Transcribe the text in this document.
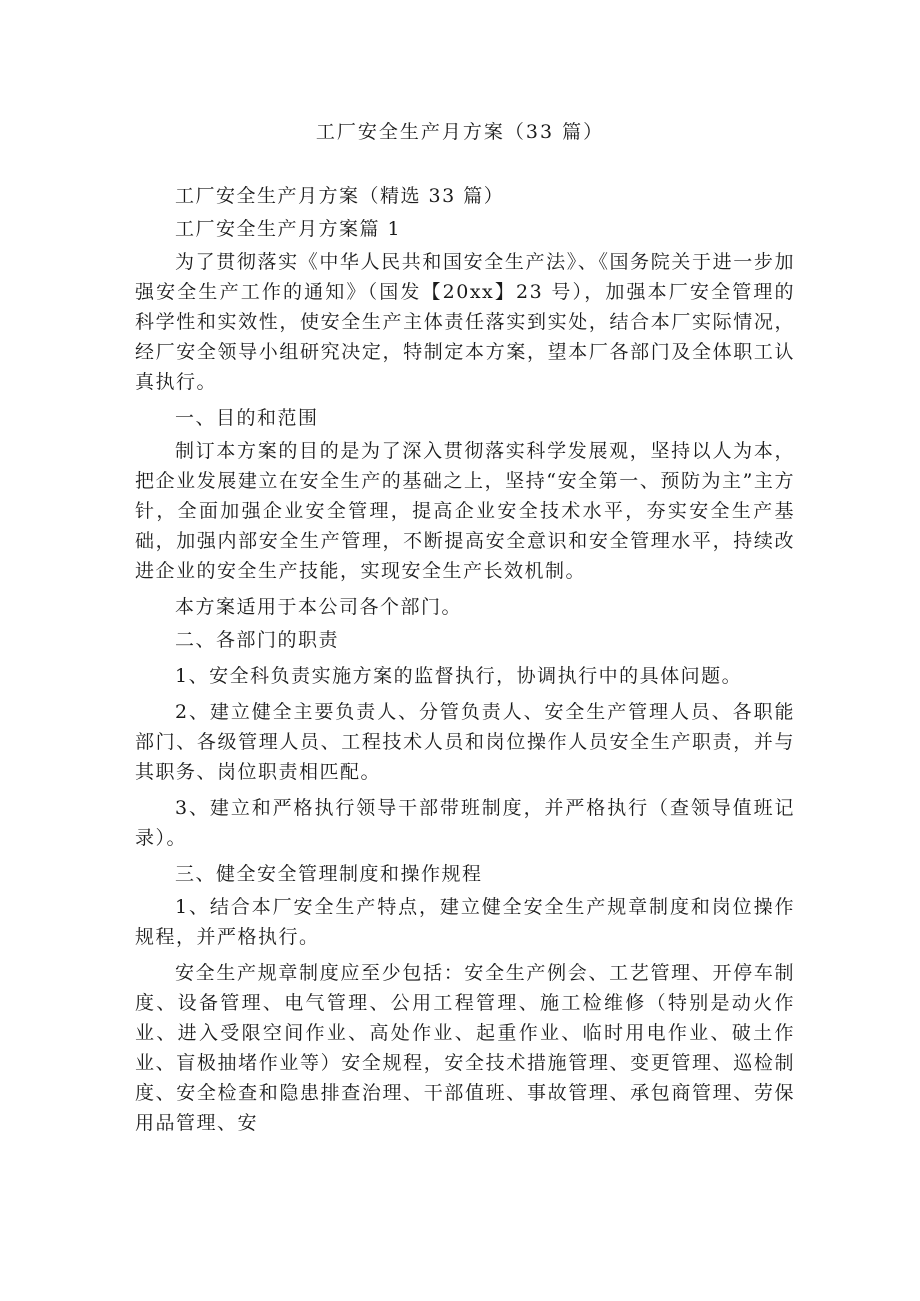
工厂安全生产月方案（33 篇）

工厂安全生产月方案（精选 33 篇）

工厂安全生产月方案篇 1

为了贯彻落实《中华人民共和国安全生产法》、《国务院关于进一步加强安全生产工作的通知》（国发【20xx】23 号），加强本厂安全管理的科学性和实效性，使安全生产主体责任落实到实处，结合本厂实际情况，经厂安全领导小组研究决定，特制定本方案，望本厂各部门及全体职工认真执行。

一、目的和范围

制订本方案的目的是为了深入贯彻落实科学发展观，坚持以人为本，把企业发展建立在安全生产的基础之上，坚持“安全第一、预防为主”主方针，全面加强企业安全管理，提高企业安全技术水平，夯实安全生产基础，加强内部安全生产管理，不断提高安全意识和安全管理水平，持续改进企业的安全生产技能，实现安全生产长效机制。

本方案适用于本公司各个部门。

二、各部门的职责

1、安全科负责实施方案的监督执行，协调执行中的具体问题。

2、建立健全主要负责人、分管负责人、安全生产管理人员、各职能部门、各级管理人员、工程技术人员和岗位操作人员安全生产职责，并与其职务、岗位职责相匹配。

3、建立和严格执行领导干部带班制度，并严格执行（查领导值班记录）。

三、健全安全管理制度和操作规程

1、结合本厂安全生产特点，建立健全安全生产规章制度和岗位操作规程，并严格执行。

安全生产规章制度应至少包括：安全生产例会、工艺管理、开停车制度、设备管理、电气管理、公用工程管理、施工检维修（特别是动火作业、进入受限空间作业、高处作业、起重作业、临时用电作业、破土作业、盲极抽堵作业等）安全规程，安全技术措施管理、变更管理、巡检制度、安全检查和隐患排查治理、干部值班、事故管理、承包商管理、劳保用品管理、安
